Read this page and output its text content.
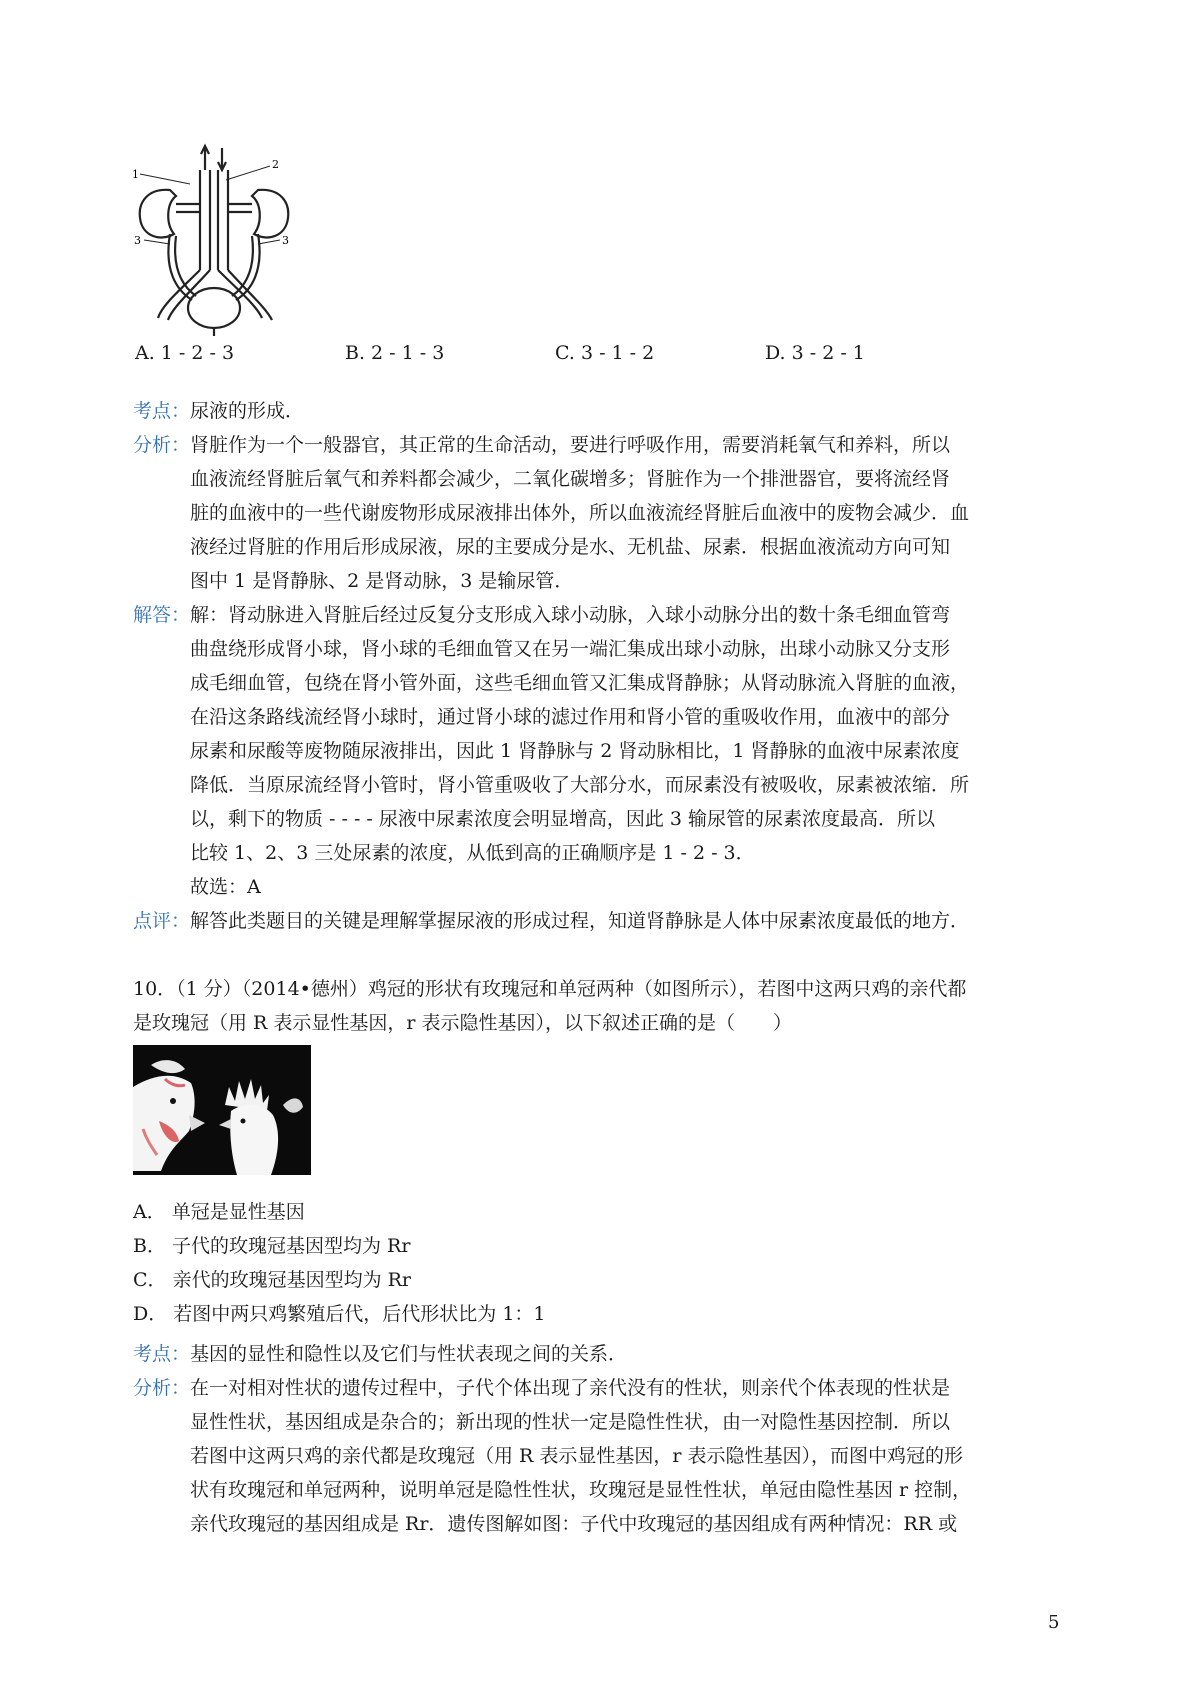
1
2
3	3
A. 1 - 2 - 3	B. 2 - 1 - 3	C. 3 - 1 - 2	D. 3 - 2 - 1
考点：尿液的形成．
分析： 肾脏作为一个一般器官，其正常的生命活动，要进行呼吸作用，需要消耗氧气和养料，所以
血液流经肾脏后氧气和养料都会减少，二氧化碳增多；肾脏作为一个排泄器官，要将流经肾
脏的血液中的一些代谢废物形成尿液排出体外，所以血液流经肾脏后血液中的废物会减少．血
液经过肾脏的作用后形成尿液，尿的主要成分是水、无机盐、尿素．根据血液流动方向可知
图中 1 是肾静脉、2 是肾动脉，3 是输尿管．
解答： 解：肾动脉进入肾脏后经过反复分支形成入球小动脉，入球小动脉分出的数十条毛细血管弯
曲盘绕形成肾小球，肾小球的毛细血管又在另一端汇集成出球小动脉，出球小动脉又分支形
成毛细血管，包绕在肾小管外面，这些毛细血管又汇集成肾静脉；从肾动脉流入肾脏的血液，
在沿这条路线流经肾小球时，通过肾小球的滤过作用和肾小管的重吸收作用，血液中的部分
尿素和尿酸等废物随尿液排出，因此 1 肾静脉与 2 肾动脉相比，1 肾静脉的血液中尿素浓度
降低．当原尿流经肾小管时，肾小管重吸收了大部分水，而尿素没有被吸收，尿素被浓缩．所
以，剩下的物质 - - - - 尿液中尿素浓度会明显增高，因此 3 输尿管的尿素浓度最高．所以
比较 1、2、3 三处尿素的浓度，从低到高的正确顺序是 1 - 2 - 3．
故选：A
点评：解答此类题目的关键是理解掌握尿液的形成过程，知道肾静脉是人体中尿素浓度最低的地方．
10．（1 分）（2014•德州）鸡冠的形状有玫瑰冠和单冠两种（如图所示），若图中这两只鸡的亲代都
是玫瑰冠（用 R 表示显性基因，r 表示隐性基因），以下叙述正确的是（　　）
A． 单冠是显性基因
B． 子代的玫瑰冠基因型均为 Rr
C． 亲代的玫瑰冠基因型均为 Rr
D． 若图中两只鸡繁殖后代，后代形状比为 1：1
考点：基因的显性和隐性以及它们与性状表现之间的关系．
分析： 在一对相对性状的遗传过程中，子代个体出现了亲代没有的性状，则亲代个体表现的性状是
显性性状，基因组成是杂合的；新出现的性状一定是隐性性状，由一对隐性基因控制．所以
若图中这两只鸡的亲代都是玫瑰冠（用 R 表示显性基因，r 表示隐性基因），而图中鸡冠的形
状有玫瑰冠和单冠两种，说明单冠是隐性性状，玫瑰冠是显性性状，单冠由隐性基因 r 控制，
亲代玫瑰冠的基因组成是 Rr．遗传图解如图：子代中玫瑰冠的基因组成有两种情况：RR 或
5
